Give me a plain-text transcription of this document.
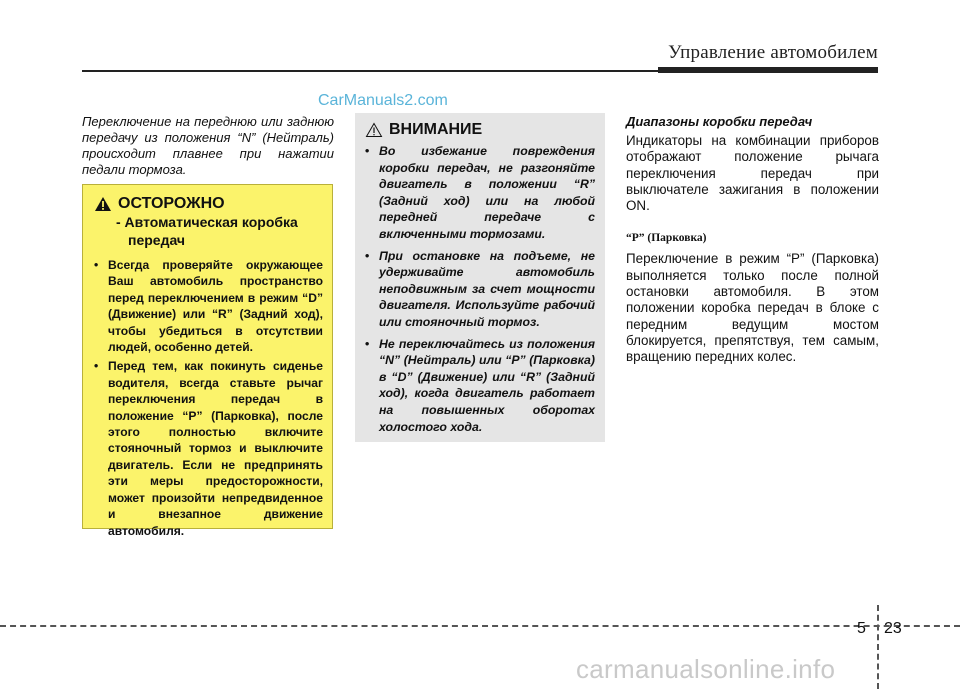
Управление автомобилем
CarManuals2.com
Переключение на переднюю или заднюю передачу из положения “N” (Нейтраль) происходит плавнее при нажатии педали тормоза.
ОСТОРОЖНО
- Автоматическая коробка
передач
• Всегда проверяйте окружающее Ваш автомобиль пространство перед переключением в режим “D” (Движение) или “R” (Задний ход), чтобы убедиться в отсутствии людей, особенно детей.
• Перед тем, как покинуть сиденье водителя, всегда ставьте рычаг переключения передач в положение “P” (Парковка), после этого полностью включите стояночный тормоз и выключите двигатель. Если не предпринять эти меры предосторожности, может произойти непредвиденное и внезапное движение автомобиля.
ВНИМАНИЕ
• Во избежание повреждения коробки передач, не разгоняйте двигатель в положении “R” (Задний ход) или на любой передней передаче с включенными тормозами.
• При остановке на подъеме, не удерживайте автомобиль неподвижным за счет мощности двигателя. Используйте рабочий или стояночный тормоз.
• Не переключайтесь из положения “N” (Нейтраль) или “P” (Парковка) в “D” (Движение) или “R” (Задний ход), когда двигатель работает на повышенных оборотах холостого хода.
Диапазоны коробки передач
Индикаторы на комбинации приборов отображают положение рычага переключения передач при выключателе зажигания в положении ON.
“P” (Парковка)
Переключение в режим “P” (Парковка) выполняется только после полной остановки автомобиля. В этом положении коробка передач в блоке с передним ведущим мостом блокируется, препятствуя, тем самым, вращению передних колес.
5 23
carmanualsonline.info
